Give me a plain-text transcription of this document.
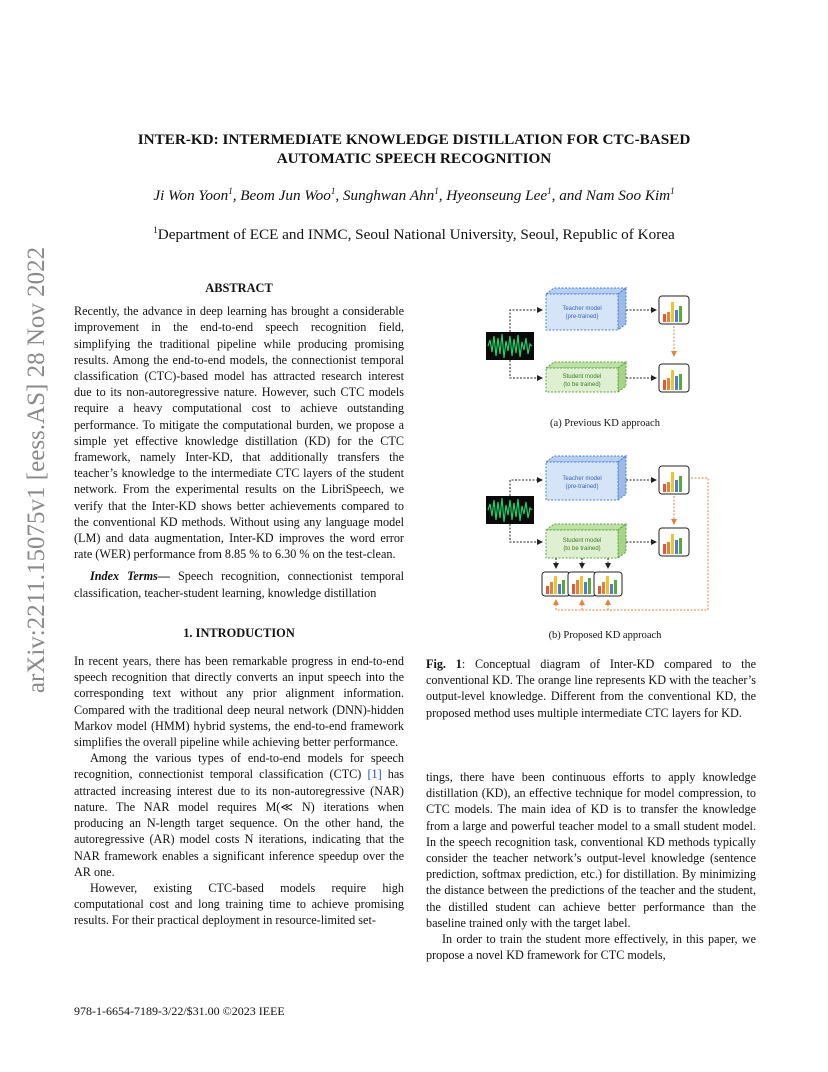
arXiv:2211.15075v1 [eess.AS] 28 Nov 2022
INTER-KD: INTERMEDIATE KNOWLEDGE DISTILLATION FOR CTC-BASED
AUTOMATIC SPEECH RECOGNITION
Ji Won Yoon$^1$, Beom Jun Woo$^1$, Sunghwan Ahn$^1$, Hyeonseung Lee$^1$, and Nam Soo Kim$^1$
$^1$Department of ECE and INMC, Seoul National University, Seoul, Republic of Korea
ABSTRACT

Recently, the advance in deep learning has brought a considerable improvement in the end-to-end speech recognition field, simplifying the traditional pipeline while producing promising results. Among the end-to-end models, the connectionist temporal classification (CTC)-based model has attracted research interest due to its non-autoregressive nature. However, such CTC models require a heavy computational cost to achieve outstanding performance. To mitigate the computational burden, we propose a simple yet effective knowledge distillation (KD) for the CTC framework, namely Inter-KD, that additionally transfers the teacher’s knowledge to the intermediate CTC layers of the student network. From the experimental results on the LibriSpeech, we verify that the Inter-KD shows better achievements compared to the conventional KD methods. Without using any language model (LM) and data augmentation, Inter-KD improves the word error rate (WER) performance from 8.85 % to 6.30 % on the test-clean.

Index Terms— Speech recognition, connectionist temporal classification, teacher-student learning, knowledge distillation

1. INTRODUCTION

In recent years, there has been remarkable progress in end-to-end speech recognition that directly converts an input speech into the corresponding text without any prior alignment information. Compared with the traditional deep neural network (DNN)-hidden Markov model (HMM) hybrid systems, the end-to-end framework simplifies the overall pipeline while achieving better performance.

Among the various types of end-to-end models for speech recognition, connectionist temporal classification (CTC) [1] has attracted increasing interest due to its non-autoregressive (NAR) nature. The NAR model requires M(≪ N) iterations when producing an N-length target sequence. On the other hand, the autoregressive (AR) model costs N iterations, indicating that the NAR framework enables a significant inference speedup over the AR one.

However, existing CTC-based models require high computational cost and long training time to achieve promising results. For their practical deployment in resource-limited set-

Teacher model
(pre-trained)
Student model
(to be trained)
(a) Previous KD approach
Teacher model
(pre-trained)
Student model
(to be trained)
(b) Proposed KD approach

Fig. 1: Conceptual diagram of Inter-KD compared to the conventional KD. The orange line represents KD with the teacher’s output-level knowledge. Different from the conventional KD, the proposed method uses multiple intermediate CTC layers for KD.

tings, there have been continuous efforts to apply knowledge distillation (KD), an effective technique for model compression, to CTC models. The main idea of KD is to transfer the knowledge from a large and powerful teacher model to a small student model. In the speech recognition task, conventional KD methods typically consider the teacher network’s output-level knowledge (sentence prediction, softmax prediction, etc.) for distillation. By minimizing the distance between the predictions of the teacher and the student, the distilled student can achieve better performance than the baseline trained only with the target label.

In order to train the student more effectively, in this paper, we propose a novel KD framework for CTC models,

978-1-6654-7189-3/22/$31.00 ©2023 IEEE
